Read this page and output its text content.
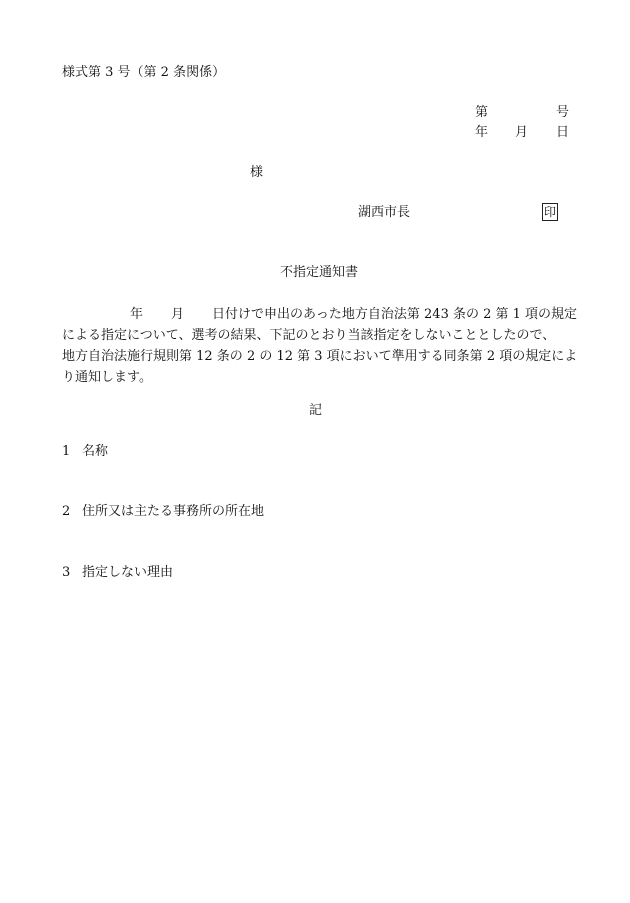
様式第 3 号（第 2 条関係）
第	号
年 月 日
様
湖西市長	印
不指定通知書
年 月 日付けで申出のあった地方自治法第 243 条の 2 第 1 項の規定
による指定について、選考の結果、下記のとおり当該指定をしないこととしたので、
地方自治法施行規則第 12 条の 2 の 12 第 3 項において準用する同条第 2 項の規定によ
り通知します。
記
1 名称
2 住所又は主たる事務所の所在地
3 指定しない理由
